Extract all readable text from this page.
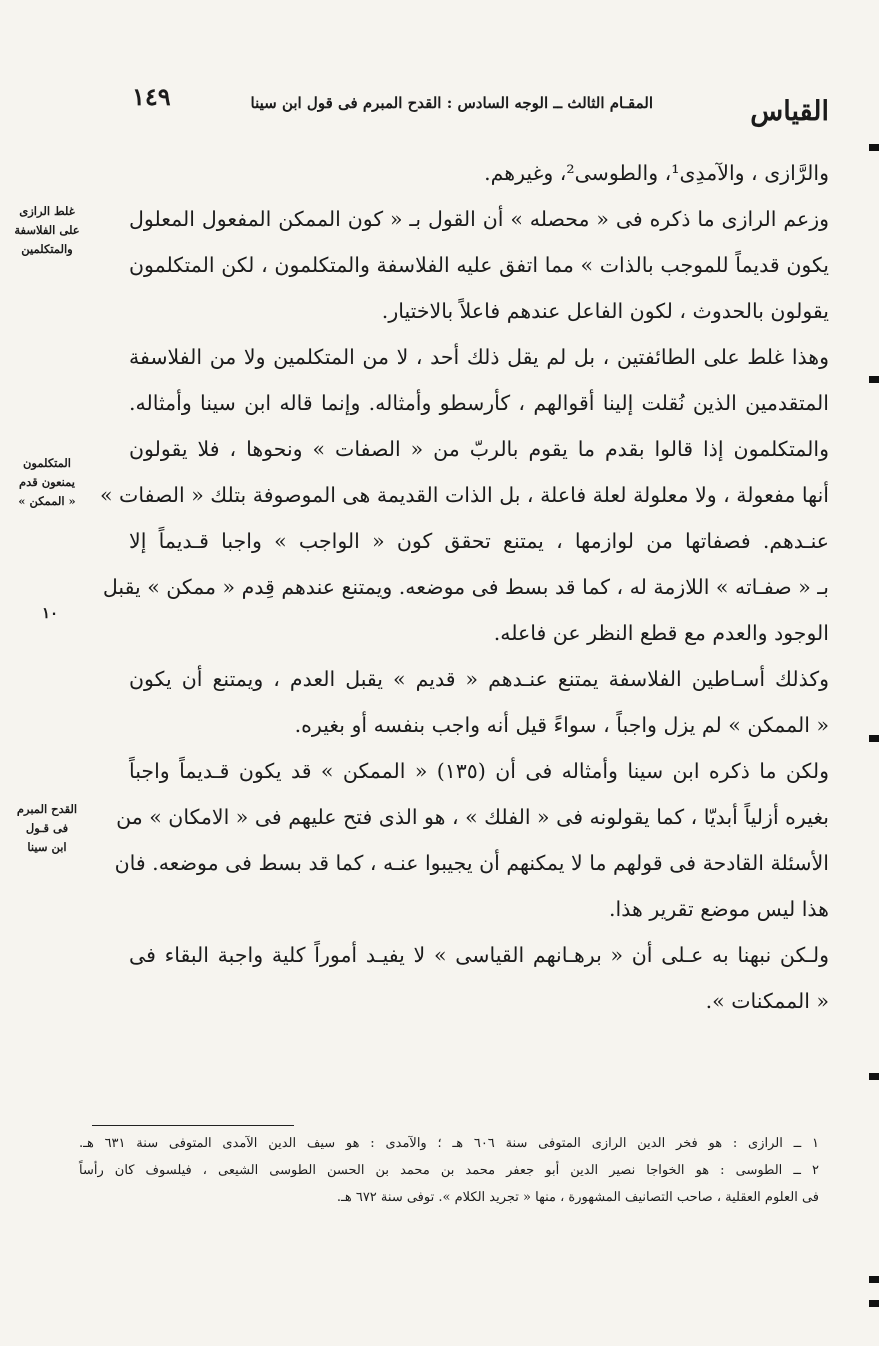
القياس
المقـام الثالث ــ الوجه السادس : القدح المبرم فى قول ابن سينا
١٤٩
والرَّازى ، والآمدِى¹، والطوسى²، وغيرهم.
وزعم الرازى ما ذكره فى « محصله » أن القول بـ « كون الممكن المفعول المعلول
يكون قديماً للموجب بالذات » مما اتفق عليه الفلاسفة والمتكلمون ، لكن المتكلمون
يقولون بالحدوث ، لكون الفاعل عندهم فاعلاً بالاختيار.
وهذا غلط على الطائفتين ، بل لم يقل ذلك أحد ، لا من المتكلمين ولا من الفلاسفة
المتقدمين الذين نُقلت إلينا أقوالهم ، كأرسطو وأمثاله. وإنما قاله ابن سينا وأمثاله.
والمتكلمون إذا قالوا بقدم ما يقوم بالربّ من « الصفات » ونحوها ، فلا يقولون
أنها مفعولة ، ولا معلولة لعلة فاعلة ، بل الذات القديمة هى الموصوفة بتلك « الصفات »
عنـدهم. فصفاتها من لوازمها ، يمتنع تحقق كون « الواجب » واجبا قـديماً إلا
بـ « صفـاته » اللازمة له ، كما قد بسط فى موضعه. ويمتنع عندهم قِدم « ممكن » يقبل
الوجود والعدم مع قطع النظر عن فاعله.
وكذلك أسـاطين الفلاسفة يمتنع عنـدهم « قديم » يقبل العدم ، ويمتنع أن يكون
« الممكن » لم يزل واجباً ، سواءً قيل أنه واجب بنفسه أو بغيره.
ولكن ما ذكره ابن سينا وأمثاله فى أن (١٣٥) « الممكن » قد يكون قـديماً واجباً
بغيره أزلياً أبديّا ، كما يقولونه فى « الفلك » ، هو الذى فتح عليهم فى « الامكان » من
الأسئلة القادحة فى قولهم ما لا يمكنهم أن يجيبوا عنـه ، كما قد بسط فى موضعه. فان
هذا ليس موضع تقرير هذا.
ولـكن نبهنا به عـلى أن « برهـانهم القياسى » لا يفيـد أموراً كلية واجبة البقاء فى
« الممكنات ».
غلط الرازى
على الفلاسفة
والمتكلمين
المتكلمون
يمنعون قدم
« الممكن »
القدح المبرم
فى قـول
ابن سينا
١٠
١ ــ الرازى : هو فخر الدين الرازى المتوفى سنة ٦٠٦ هـ ؛ والآمدى : هو سيف الدين الآمدى المتوفى سنة ٦٣١ هـ.
٢ ــ الطوسى : هو الخواجا نصير الدين أبو جعفر محمد بن محمد بن الحسن الطوسى الشيعى ، فيلسوف كان رأساً
فى العلوم العقلية ، صاحب التصانيف المشهورة ، منها « تجريد الكلام ». توفى سنة ٦٧٢ هـ.
